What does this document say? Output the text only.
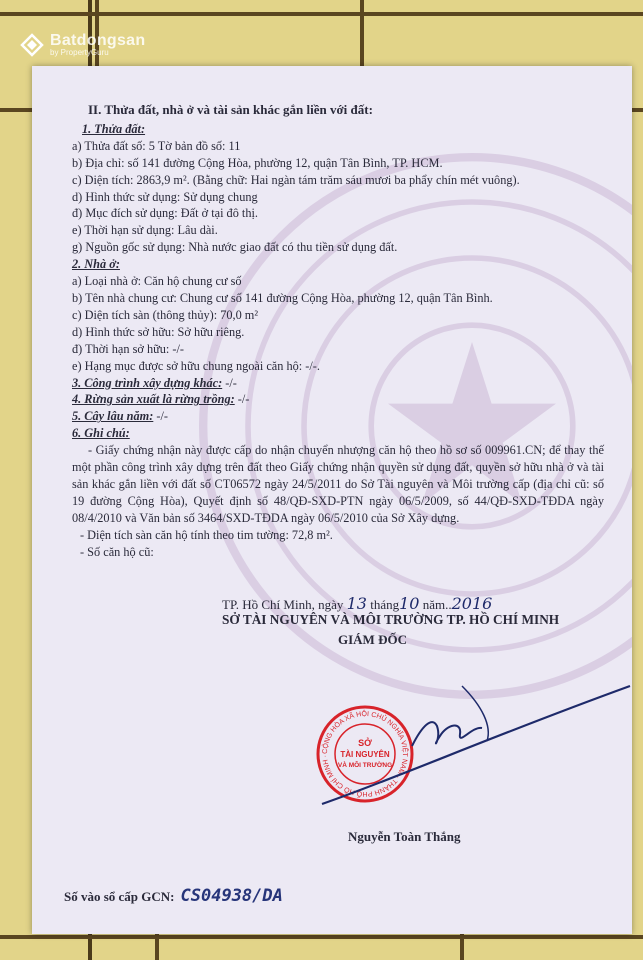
Batdongsan
by PropertyGuru
II. Thửa đất, nhà ở và tài sản khác gắn liền với đất:
1. Thửa đất:
a) Thửa đất số: 5 Tờ bản đồ số: 11
b) Địa chỉ: số 141 đường Cộng Hòa, phường 12, quận Tân Bình, TP. HCM.
c) Diện tích: 2863,9 m². (Bằng chữ: Hai ngàn tám trăm sáu mươi ba phẩy chín mét vuông).
d) Hình thức sử dụng: Sử dụng chung
đ) Mục đích sử dụng: Đất ở tại đô thị.
e) Thời hạn sử dụng: Lâu dài.
g) Nguồn gốc sử dụng: Nhà nước giao đất có thu tiền sử dụng đất.
2. Nhà ở:
a) Loại nhà ở: Căn hộ chung cư số
b) Tên nhà chung cư: Chung cư số 141 đường Cộng Hòa, phường 12, quận Tân Bình.
c) Diện tích sàn (thông thủy): 70,0 m²
d) Hình thức sở hữu: Sở hữu riêng.
đ) Thời hạn sở hữu: -/-
e) Hạng mục được sở hữu chung ngoài căn hộ: -/-.
3. Công trình xây dựng khác: -/-
4. Rừng sản xuất là rừng trồng: -/-
5. Cây lâu năm: -/-
6. Ghi chú:
- Giấy chứng nhận này được cấp do nhận chuyển nhượng căn hộ theo hồ sơ số 009961.CN; để thay thế một phần công trình xây dựng trên đất theo Giấy chứng nhận quyền sử dụng đất, quyền sở hữu nhà ở và tài sản khác gắn liền với đất số CT06572 ngày 24/5/2011 do Sở Tài nguyên và Môi trường cấp (địa chỉ cũ: số 19 đường Cộng Hòa), Quyết định số 48/QĐ-SXD-PTN ngày 06/5/2009, số 44/QĐ-SXD-TĐDA ngày 08/4/2010 và Văn bản số 3464/SXD-TĐDA ngày 06/5/2010 của Sở Xây dựng.
- Diện tích sàn căn hộ tính theo tim tường: 72,8 m².
- Số căn hộ cũ:
TP. Hồ Chí Minh, ngày 13 tháng10 năm..2016
SỞ TÀI NGUYÊN VÀ MÔI TRƯỜNG TP. HỒ CHÍ MINH
GIÁM ĐỐC
CỘNG HÒA XÃ HỘI CHỦ NGHĨA VIỆT NAM · THÀNH PHỐ HỒ CHÍ MINH ·
SỞ
TÀI NGUYÊN
VÀ MÔI TRƯỜNG
Nguyễn Toàn Thắng
Số vào sổ cấp GCN: CS04938/DA
